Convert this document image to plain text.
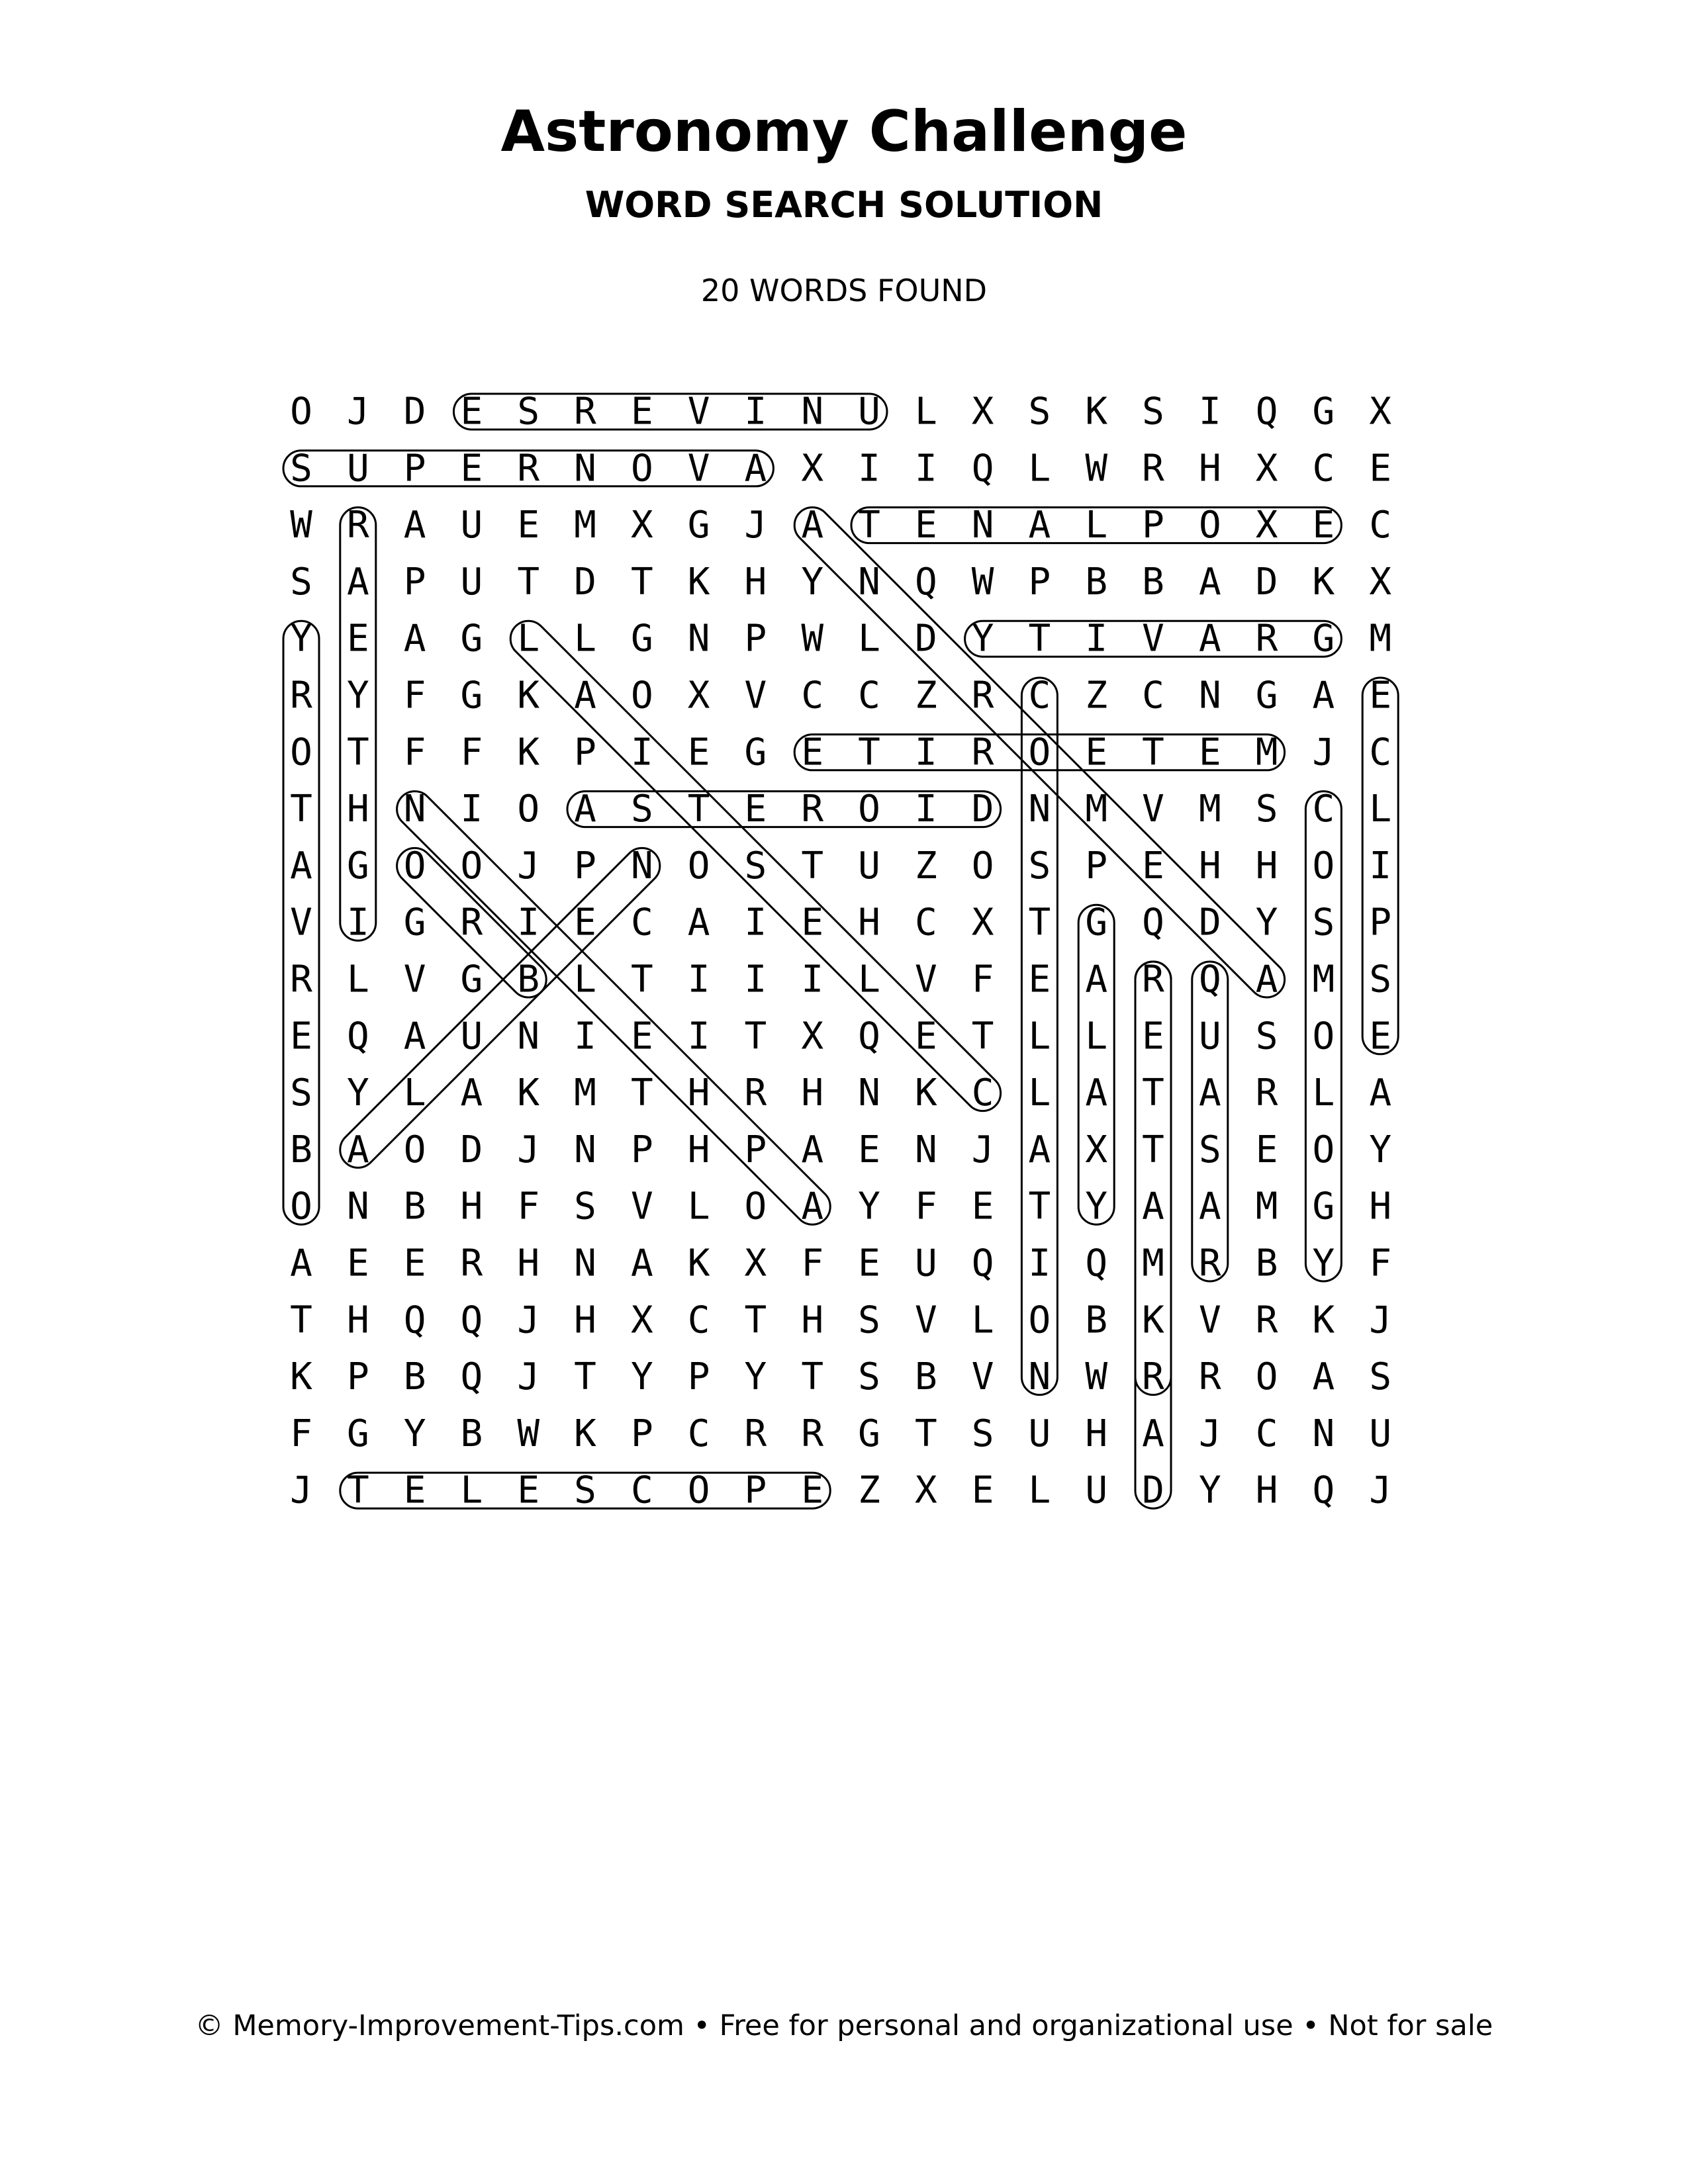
Astronomy Challenge
WORD SEARCH SOLUTION
20 WORDS FOUND
O J D E S R E V I N U L X S K S I Q G X
S U P E R N O V A X I I Q L W R H X C E
W R A U E M X G J A T E N A L P O X E C
S A P U T D T K H Y N Q W P B B A D K X
Y E A G L L G N P W L D Y T I V A R G M
R Y F G K A O X V C C Z R C Z C N G A E
O T F F K P I E G E T I R O E T E M J C
T H N I O A S T E R O I D N M V M S C L
A G O O J P N O S T U Z O S P E H H O I
V I G R I E C A I E H C X T G Q D Y S P
R L V G B L T I I I L V F E A R Q A M S
E Q A U N I E I T X Q E T L L E U S O E
S Y L A K M T H R H N K C L A T A R L A
B A O D J N P H P A E N J A X T S E O Y
O N B H F S V L O A Y F E T Y A A M G H
A E E R H N A K X F E U Q I Q M R B Y F
T H Q Q J H X C T H S V L O B K V R K J
K P B Q J T Y P Y T S B V N W R R O A S
F G Y B W K P C R R G T S U H A J C N U
J T E L E S C O P E Z X E L U D Y H Q J
© Memory-Improvement-Tips.com • Free for personal and organizational use • Not for sale
